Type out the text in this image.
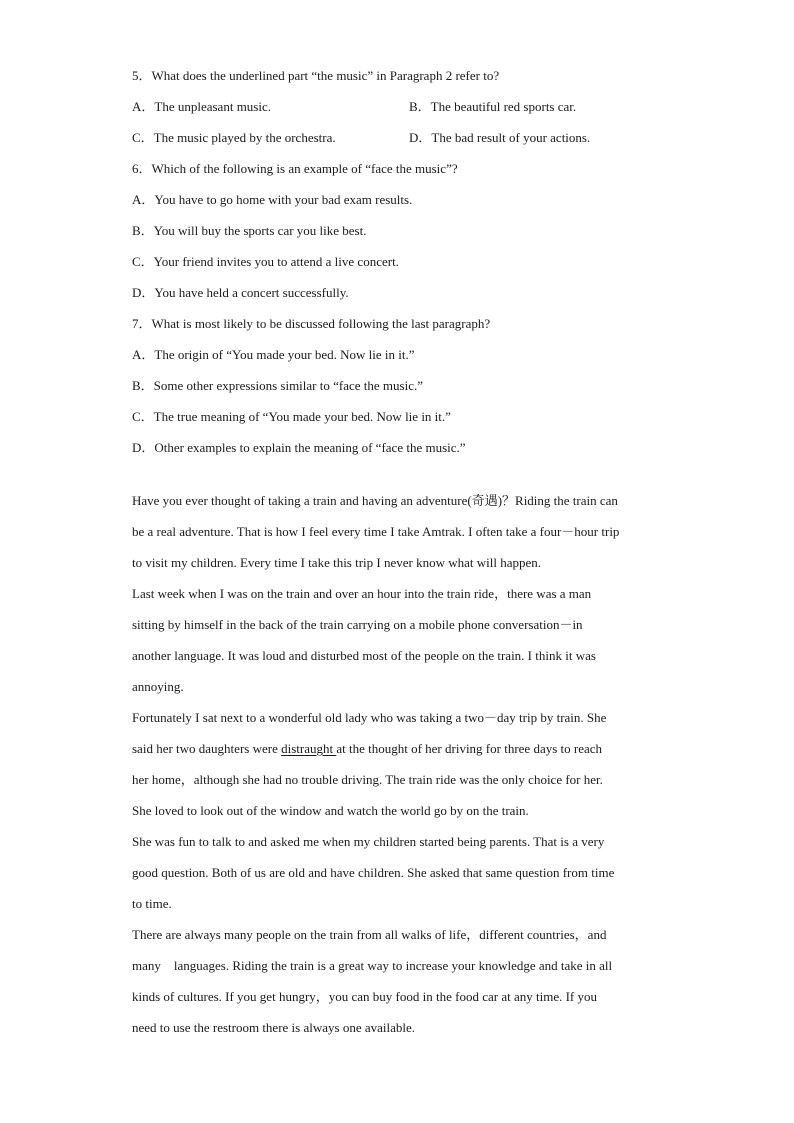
5．What does the underlined part “the music” in Paragraph 2 refer to?
A．The unpleasant music.	B．The beautiful red sports car.
C．The music played by the orchestra.	D．The bad result of your actions.
6．Which of the following is an example of “face the music”?
A．You have to go home with your bad exam results.
B．You will buy the sports car you like best.
C．Your friend invites you to attend a live concert.
D．You have held a concert successfully.
7．What is most likely to be discussed following the last paragraph?
A．The origin of “You made your bed. Now lie in it.”
B．Some other expressions similar to “face the music.”
C．The true meaning of “You made your bed. Now lie in it.”
D．Other examples to explain the meaning of “face the music.”
Have you ever thought of taking a train and having an adventure(奇遇)？Riding the train can
be a real adventure. That is how I feel every time I take Amtrak. I often take a four－hour trip
to visit my children. Every time I take this trip I never know what will happen.
Last week when I was on the train and over an hour into the train ride，there was a man
sitting by himself in the back of the train carrying on a mobile phone conversation－in
another language. It was loud and disturbed most of the people on the train. I think it was
annoying.
Fortunately I sat next to a wonderful old lady who was taking a two－day trip by train. She
said her two daughters were distraught at the thought of her driving for three days to reach
her home，although she had no trouble driving. The train ride was the only choice for her.
She loved to look out of the window and watch the world go by on the train.
She was fun to talk to and asked me when my children started being parents. That is a very
good question. Both of us are old and have children. She asked that same question from time
to time.
There are always many people on the train from all walks of life，different countries，and
many    languages. Riding the train is a great way to increase your knowledge and take in all
kinds of cultures. If you get hungry，you can buy food in the food car at any time. If you
need to use the restroom there is always one available.
